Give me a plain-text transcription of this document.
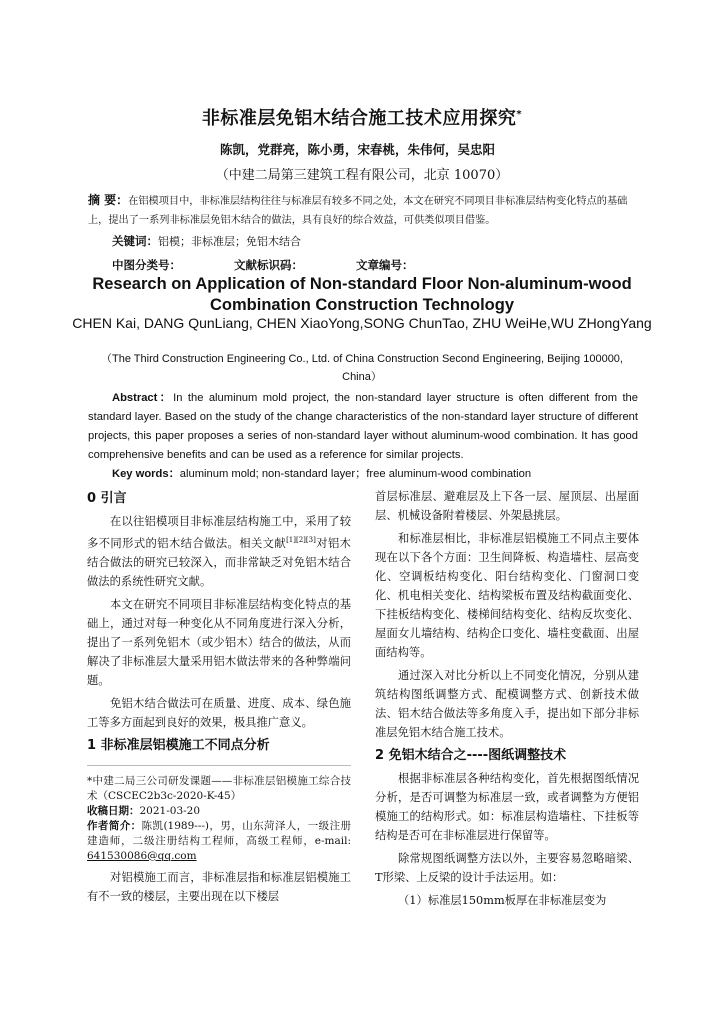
非标准层免铝木结合施工技术应用探究*
陈凯，党群亮，陈小勇，宋春桃，朱伟何，吴忠阳
（中建二局第三建筑工程有限公司，北京 10070）
摘 要：在铝模项目中，非标准层结构往往与标准层有较多不同之处，本文在研究不同项目非标准层结构变化特点的基础上，提出了一系列非标准层免铝木结合的做法，具有良好的综合效益，可供类似项目借鉴。
关键词：铝模；非标准层；免铝木结合
中图分类号：	文献标识码：	文章编号：
Research on Application of Non-standard Floor Non-aluminum-wood Combination Construction Technology
CHEN Kai, DANG QunLiang, CHEN XiaoYong,SONG ChunTao, ZHU WeiHe,WU ZHongYang
（The Third Construction Engineering Co., Ltd. of China Construction Second Engineering, Beijing 100000, China）
Abstract：In the aluminum mold project, the non-standard layer structure is often different from the standard layer. Based on the study of the change characteristics of the non-standard layer structure of different projects, this paper proposes a series of non-standard layer without aluminum-wood combination. It has good comprehensive benefits and can be used as a reference for similar projects.
Key words：aluminum mold; non-standard layer；free aluminum-wood combination
0 引言

在以往铝模项目非标准层结构施工中，采用了较多不同形式的铝木结合做法。相关文献[1][2][3]对铝木结合做法的研究已较深入，而非常缺乏对免铝木结合做法的系统性研究文献。

本文在研究不同项目非标准层结构变化特点的基础上，通过对每一种变化从不同角度进行深入分析，提出了一系列免铝木（或少铝木）结合的做法，从而解决了非标准层大量采用铝木做法带来的各种弊端问题。

免铝木结合做法可在质量、进度、成本、绿色施工等多方面起到良好的效果，极具推广意义。

1 非标准层铝模施工不同点分析
*中建二局三公司研发课题——非标准层铝模施工综合技术（CSCEC2b3c-2020-K-45）
收稿日期：2021-03-20
作者简介：陈凯(1989---)，男，山东菏泽人，一级注册建造师，二级注册结构工程师，高级工程师，e-mail: 641530086@qq.com

对铝模施工而言，非标准层指和标准层铝模施工有不一致的楼层，主要出现在以下楼层

首层标准层、避难层及上下各一层、屋顶层、出屋面层、机械设备附着楼层、外架悬挑层。

和标准层相比，非标准层铝模施工不同点主要体现在以下各个方面：卫生间降板、构造墙柱、层高变化、空调板结构变化、阳台结构变化、门窗洞口变化、机电相关变化、结构梁板布置及结构截面变化、下挂板结构变化、楼梯间结构变化、结构反坎变化、屋面女儿墙结构、结构企口变化、墙柱变截面、出屋面结构等。

通过深入对比分析以上不同变化情况，分别从建筑结构图纸调整方式、配模调整方式、创新技术做法、铝木结合做法等多角度入手，提出如下部分非标准层免铝木结合施工技术。

2 免铝木结合之----图纸调整技术

根据非标准层各种结构变化，首先根据图纸情况分析，是否可调整为标准层一致，或者调整为方便铝模施工的结构形式。如：标准层构造墙柱、下挂板等结构是否可在非标准层进行保留等。

除常规图纸调整方法以外，主要容易忽略暗梁、T形梁、上反梁的设计手法运用。如：

（1）标准层150mm板厚在非标准层变为
